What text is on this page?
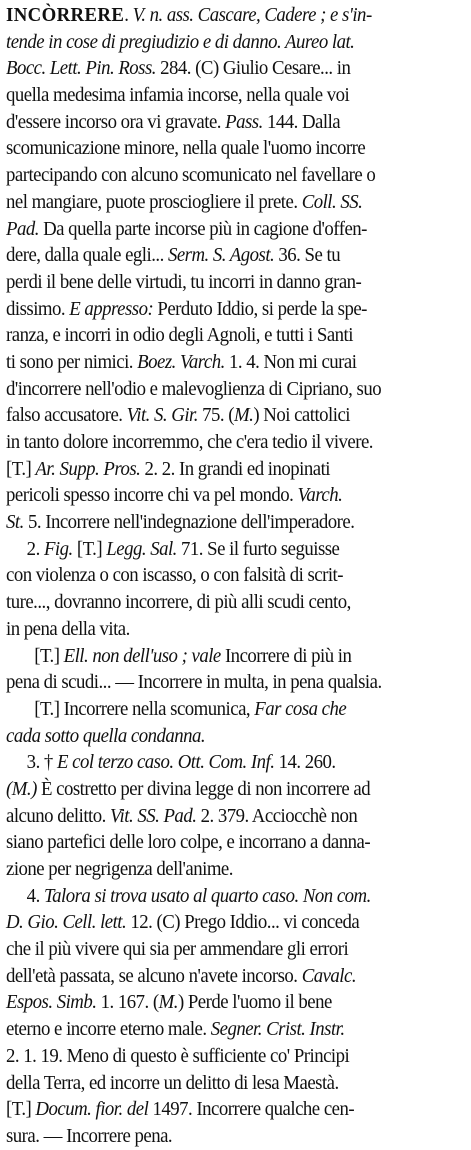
INCÒRRERE. V. n. ass. Cascare, Cadere ; e s'in-
tende in cose di pregiudizio e di danno. Aureo lat.
Bocc. Lett. Pin. Ross. 284. (C) Giulio Cesare... in
quella medesima infamia incorse, nella quale voi
d'essere incorso ora vi gravate. Pass. 144. Dalla
scomunicazione minore, nella quale l'uomo incorre
partecipando con alcuno scomunicato nel favellare o
nel mangiare, puote prosciogliere il prete. Coll. SS.
Pad. Da quella parte incorse più in cagione d'offen-
dere, dalla quale egli... Serm. S. Agost. 36. Se tu
perdi il bene delle virtudi, tu incorri in danno gran-
dissimo. E appresso: Perduto Iddio, si perde la spe-
ranza, e incorri in odio degli Agnoli, e tutti i Santi
ti sono per nimici. Boez. Varch. 1. 4. Non mi curai
d'incorrere nell'odio e malevoglienza di Cipriano, suo
falso accusatore. Vit. S. Gir. 75. (M.) Noi cattolici
in tanto dolore incorremmo, che c'era tedio il vivere.
[T.] Ar. Supp. Pros. 2. 2. In grandi ed inopinati
pericoli spesso incorre chi va pel mondo. Varch.
St. 5. Incorrere nell'indegnazione dell'imperadore.
2. Fig. [T.] Legg. Sal. 71. Se il furto seguisse
con violenza o con iscasso, o con falsità di scrit-
ture..., dovranno incorrere, di più alli scudi cento,
in pena della vita.
[T.] Ell. non dell'uso ; vale Incorrere di più in
pena di scudi... — Incorrere in multa, in pena qualsia.
[T.] Incorrere nella scomunica, Far cosa che
cada sotto quella condanna.
3. † E col terzo caso. Ott. Com. Inf. 14. 260.
(M.) È costretto per divina legge di non incorrere ad
alcuno delitto. Vit. SS. Pad. 2. 379. Acciocchè non
siano partefici delle loro colpe, e incorrano a danna-
zione per negrigenza dell'anime.
4. Talora si trova usato al quarto caso. Non com.
D. Gio. Cell. lett. 12. (C) Prego Iddio... vi conceda
che il più vivere qui sia per ammendare gli errori
dell'età passata, se alcuno n'avete incorso. Cavalc.
Espos. Simb. 1. 167. (M.) Perde l'uomo il bene
eterno e incorre eterno male. Segner. Crist. Instr.
2. 1. 19. Meno di questo è sufficiente co' Principi
della Terra, ed incorre un delitto di lesa Maestà.
[T.] Docum. fior. del 1497. Incorrere qualche cen-
sura. — Incorrere pena.
